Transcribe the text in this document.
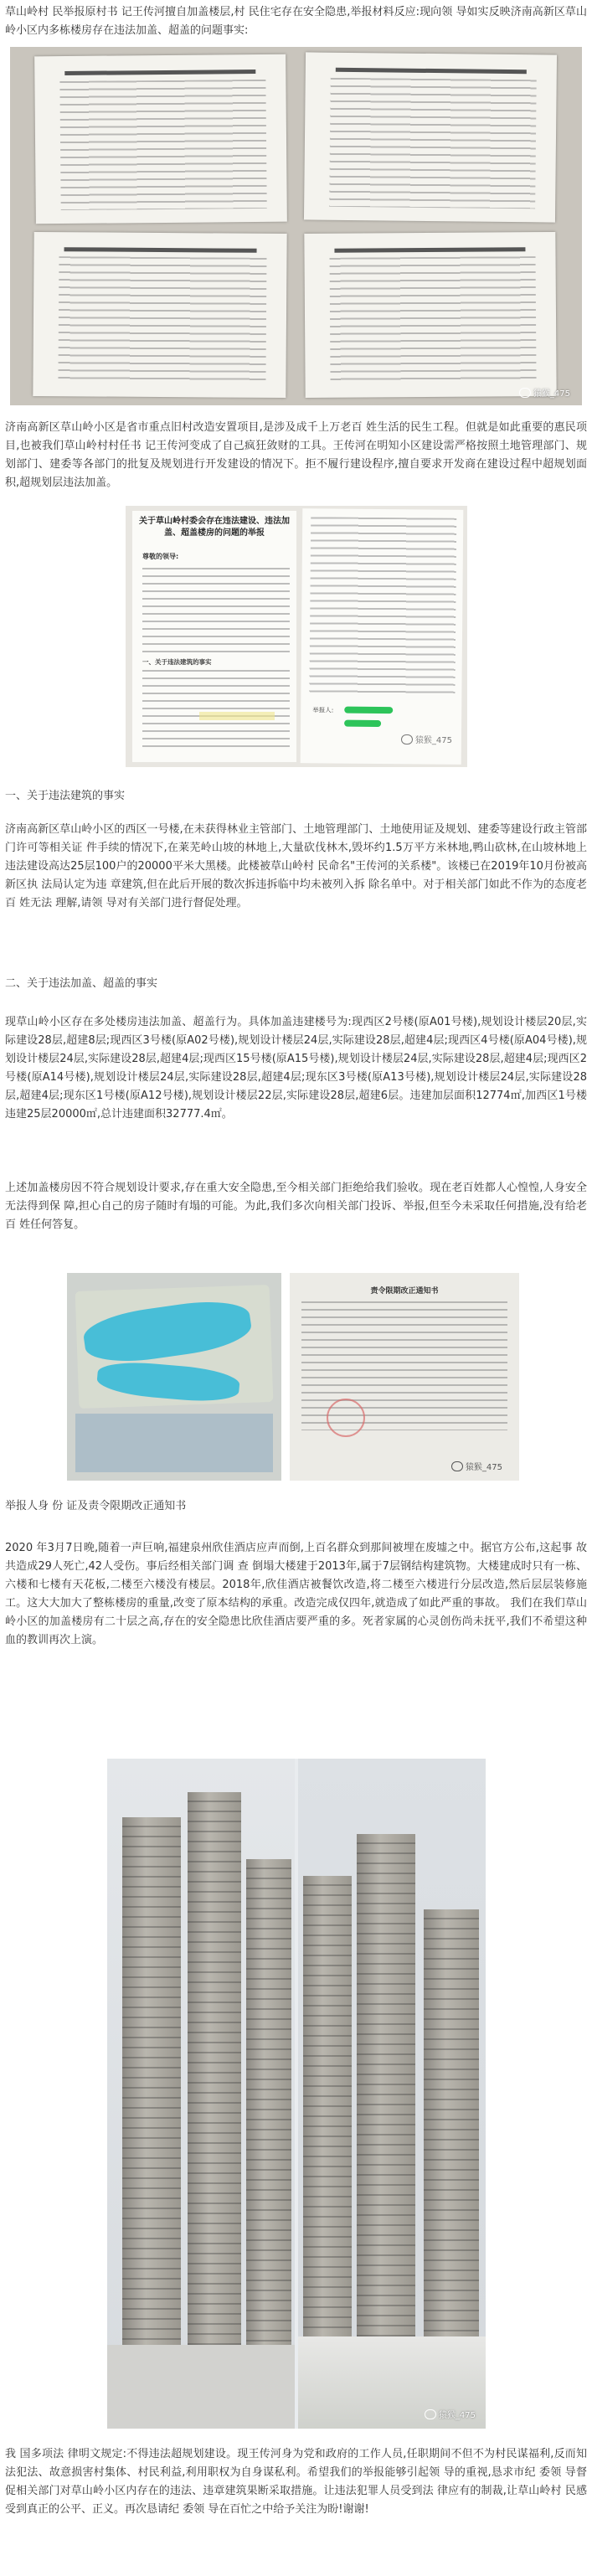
草山岭村 民举报原村书 记王传河擅自加盖楼层,村 民住宅存在安全隐患,举报材料反应:现向领 导如实反映济南高新区草山岭小区内多栋楼房存在违法加盖、超盖的问题事实:

猿猴_475

济南高新区草山岭小区是省市重点旧村改造安置项目,是涉及成千上万老百 姓生活的民生工程。但就是如此重要的惠民项目,也被我们草山岭村村任书 记王传河变成了自己疯狂敛财的工具。王传河在明知小区建设需严格按照土地管理部门、规划部门、建委等各部门的批复及规划进行开发建设的情况下。拒不履行建设程序,擅自要求开发商在建设过程中超规划面积,超规划层违法加盖。

关于草山岭村委会存在违法建设、违法加盖、超盖楼房的问题的举报
尊敬的领导:
一、关于违法建筑的事实
举报人:
猿猴_475

一、关于违法建筑的事实

济南高新区草山岭小区的西区一号楼,在未获得林业主管部门、土地管理部门、土地使用证及规划、建委等建设行政主管部门许可等相关证 件手续的情况下,在莱芜岭山坡的林地上,大量砍伐林木,毁坏约1.5万平方米林地,鸭山砍林,在山坡林地上违法建设高达25层100户的20000平米大黑楼。此楼被草山岭村 民命名"王传河的关系楼"。该楼已在2019年10月份被高新区执 法局认定为违 章建筑,但在此后开展的数次拆违拆临中均未被列入拆 除名单中。对于相关部门如此不作为的态度老百 姓无法 理解,请领 导对有关部门进行督促处理。

二、关于违法加盖、超盖的事实

现草山岭小区存在多处楼房违法加盖、超盖行为。具体加盖违建楼号为:现西区2号楼(原A01号楼),规划设计楼层20层,实际建设28层,超建8层;现西区3号楼(原A02号楼),规划设计楼层24层,实际建设28层,超建4层;现西区4号楼(原A04号楼),规划设计楼层24层,实际建设28层,超建4层;现西区15号楼(原A15号楼),规划设计楼层24层,实际建设28层,超建4层;现西区2号楼(原A14号楼),规划设计楼层24层,实际建设28层,超建4层;现东区3号楼(原A13号楼),规划设计楼层24层,实际建设28层,超建4层;现东区1号楼(原A12号楼),规划设计楼层22层,实际建设28层,超建6层。违建加层面积12774㎡,加西区1号楼违建25层20000㎡,总计违建面积32777.4㎡。

上述加盖楼房因不符合规划设计要求,存在重大安全隐患,至今相关部门拒绝给我们验收。现在老百姓都人心惶惶,人身安全无法得到保 障,担心自己的房子随时有塌的可能。为此,我们多次向相关部门投诉、举报,但至今未采取任何措施,没有给老百 姓任何答复。

责令限期改正通知书
猿猴_475

举报人身 份 证及责令限期改正通知书

2020 年3月7日晚,随着一声巨响,福建泉州欣佳酒店应声而倒,上百名群众到那间被埋在废墟之中。据官方公布,这起事 故共造成29人死亡,42人受伤。事后经相关部门调 查 倒塌大楼建于2013年,属于7层钢结构建筑物。大楼建成时只有一栋、六楼和七楼有天花板,二楼至六楼没有楼层。2018年,欣佳酒店被餐饮改造,将二楼至六楼进行分层改造,然后层层装修施工。这大大加大了整栋楼房的重量,改变了原本结构的承重。改造完成仅四年,就造成了如此严重的事故。 我们在我们草山岭小区的加盖楼房有二十层之高,存在的安全隐患比欣佳酒店要严重的多。死者家属的心灵创伤尚未抚平,我们不希望这种血的教训再次上演。

猿猴_475

我 国多项法 律明文规定:不得违法超规划建设。现王传河身为党和政府的工作人员,任职期间不但不为村民谋福利,反而知法犯法、故意损害村集体、村民利益,利用职权为自身谋私利。希望我们的举报能够引起领 导的重视,恳求市纪 委领 导督促相关部门对草山岭小区内存在的违法、违章建筑果断采取措施。让违法犯罪人员受到法 律应有的制裁,让草山岭村 民感受到真正的公平、正义。再次恳请纪 委领 导在百忙之中给予关注为盼!谢谢!
